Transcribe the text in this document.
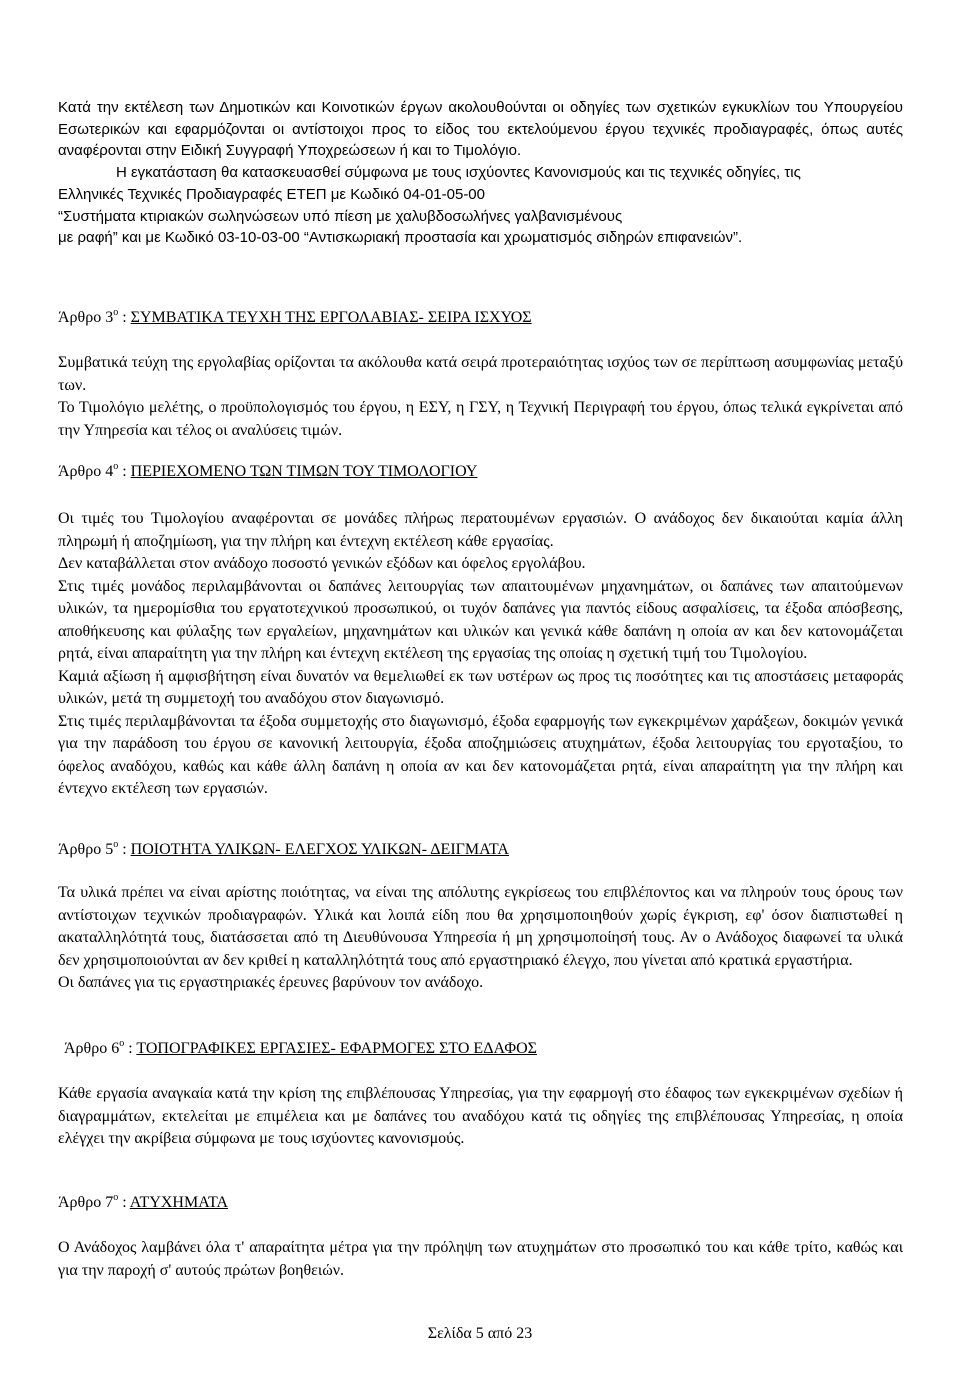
Κατά την εκτέλεση των Δημοτικών και Κοινοτικών έργων ακολουθούνται οι οδηγίες των σχετικών εγκυκλίων του Υπουργείου Εσωτερικών και εφαρμόζονται οι αντίστοιχοι προς το είδος του εκτελούμενου έργου τεχνικές προδιαγραφές, όπως αυτές αναφέρονται στην Ειδική Συγγραφή Υποχρεώσεων ή και το Τιμολόγιο.

Η εγκατάσταση θα κατασκευασθεί σύμφωνα με τους ισχύοντες Κανονισμούς και τις τεχνικές οδηγίες, τις

Ελληνικές Τεχνικές Προδιαγραφές ΕΤΕΠ με Κωδικό 04-01-05-00

“Συστήματα κτιριακών σωληνώσεων υπό πίεση με χαλυβδοσωλήνες γαλβανισμένους

με ραφή” και με Κωδικό 03-10-03-00 “Αντισκωριακή προστασία και χρωματισμός σιδηρών επιφανειών”.

Άρθρο $3^o$ : ΣΥΜΒΑΤΙΚΑ ΤΕΥΧΗ ΤΗΣ ΕΡΓΟΛΑΒΙΑΣ- ΣΕΙΡΑ ΙΣΧΥΟΣ

Συμβατικά τεύχη της εργολαβίας ορίζονται τα ακόλουθα κατά σειρά προτεραιότητας ισχύος των σε περίπτωση ασυμφωνίας μεταξύ των.

Το Τιμολόγιο μελέτης, ο προϋπολογισμός του έργου, η ΕΣΥ, η ΓΣΥ, η Τεχνική Περιγραφή του έργου, όπως τελικά εγκρίνεται από την Υπηρεσία και τέλος οι αναλύσεις τιμών.

Άρθρο $4^o$ : ΠΕΡΙΕΧΟΜΕΝΟ ΤΩΝ ΤΙΜΩΝ ΤΟΥ ΤΙΜΟΛΟΓΙΟΥ

Οι τιμές του Τιμολογίου αναφέρονται σε μονάδες πλήρως περατουμένων εργασιών. Ο ανάδοχος δεν δικαιούται καμία άλλη πληρωμή ή αποζημίωση, για την πλήρη και έντεχνη εκτέλεση κάθε εργασίας.

Δεν καταβάλλεται στον ανάδοχο ποσοστό γενικών εξόδων και όφελος εργολάβου.

Στις τιμές μονάδος περιλαμβάνονται οι δαπάνες λειτουργίας των απαιτουμένων μηχανημάτων, οι δαπάνες των απαιτούμενων υλικών, τα ημερομίσθια του εργατοτεχνικού προσωπικού, οι τυχόν δαπάνες για παντός είδους ασφαλίσεις, τα έξοδα απόσβεσης, αποθήκευσης και φύλαξης των εργαλείων, μηχανημάτων και υλικών και γενικά κάθε δαπάνη η οποία αν και δεν κατονομάζεται ρητά, είναι απαραίτητη για την πλήρη και έντεχνη εκτέλεση της εργασίας της οποίας η σχετική τιμή του Τιμολογίου.

Καμιά αξίωση ή αμφισβήτηση είναι δυνατόν να θεμελιωθεί εκ των υστέρων ως προς τις ποσότητες και τις αποστάσεις μεταφοράς υλικών, μετά τη συμμετοχή του αναδόχου στον διαγωνισμό.

Στις τιμές περιλαμβάνονται τα έξοδα συμμετοχής στο διαγωνισμό, έξοδα εφαρμογής των εγκεκριμένων χαράξεων, δοκιμών γενικά για την παράδοση του έργου σε κανονική λειτουργία, έξοδα αποζημιώσεις ατυχημάτων, έξοδα λειτουργίας του εργοταξίου, το όφελος αναδόχου, καθώς και κάθε άλλη δαπάνη η οποία αν και δεν κατονομάζεται ρητά, είναι απαραίτητη για την πλήρη και έντεχνο εκτέλεση των εργασιών.

Άρθρο $5^o$ : ΠΟΙΟΤΗΤΑ ΥΛΙΚΩΝ- ΕΛΕΓΧΟΣ ΥΛΙΚΩΝ- ΔΕΙΓΜΑΤΑ

Τα υλικά πρέπει να είναι αρίστης ποιότητας, να είναι της απόλυτης εγκρίσεως του επιβλέποντος και να πληρούν τους όρους των αντίστοιχων τεχνικών προδιαγραφών. Υλικά και λοιπά είδη που θα χρησιμοποιηθούν χωρίς έγκριση, εφ' όσον διαπιστωθεί η ακαταλληλότητά τους, διατάσσεται από τη Διευθύνουσα Υπηρεσία ή μη χρησιμοποίησή τους. Αν ο Ανάδοχος διαφωνεί τα υλικά δεν χρησιμοποιούνται αν δεν κριθεί η καταλληλότητά τους από εργαστηριακό έλεγχο, που γίνεται από κρατικά εργαστήρια.

Οι δαπάνες για τις εργαστηριακές έρευνες βαρύνουν τον ανάδοχο.

Άρθρο $6^o$ : ΤΟΠΟΓΡΑΦΙΚΕΣ ΕΡΓΑΣΙΕΣ- ΕΦΑΡΜΟΓΕΣ ΣΤΟ ΕΔΑΦΟΣ

Κάθε εργασία αναγκαία κατά την κρίση της επιβλέπουσας Υπηρεσίας, για την εφαρμογή στο έδαφος των εγκεκριμένων σχεδίων ή διαγραμμάτων, εκτελείται με επιμέλεια και με δαπάνες του αναδόχου κατά τις οδηγίες της επιβλέπουσας Υπηρεσίας, η οποία ελέγχει την ακρίβεια σύμφωνα με τους ισχύοντες κανονισμούς.

Άρθρο $7^o$ : ΑΤΥΧΗΜΑΤΑ

Ο Ανάδοχος λαμβάνει όλα τ' απαραίτητα μέτρα για την πρόληψη των ατυχημάτων στο προσωπικό του και κάθε τρίτο, καθώς και για την παροχή σ' αυτούς πρώτων βοηθειών.

Σελίδα 5 από 23
